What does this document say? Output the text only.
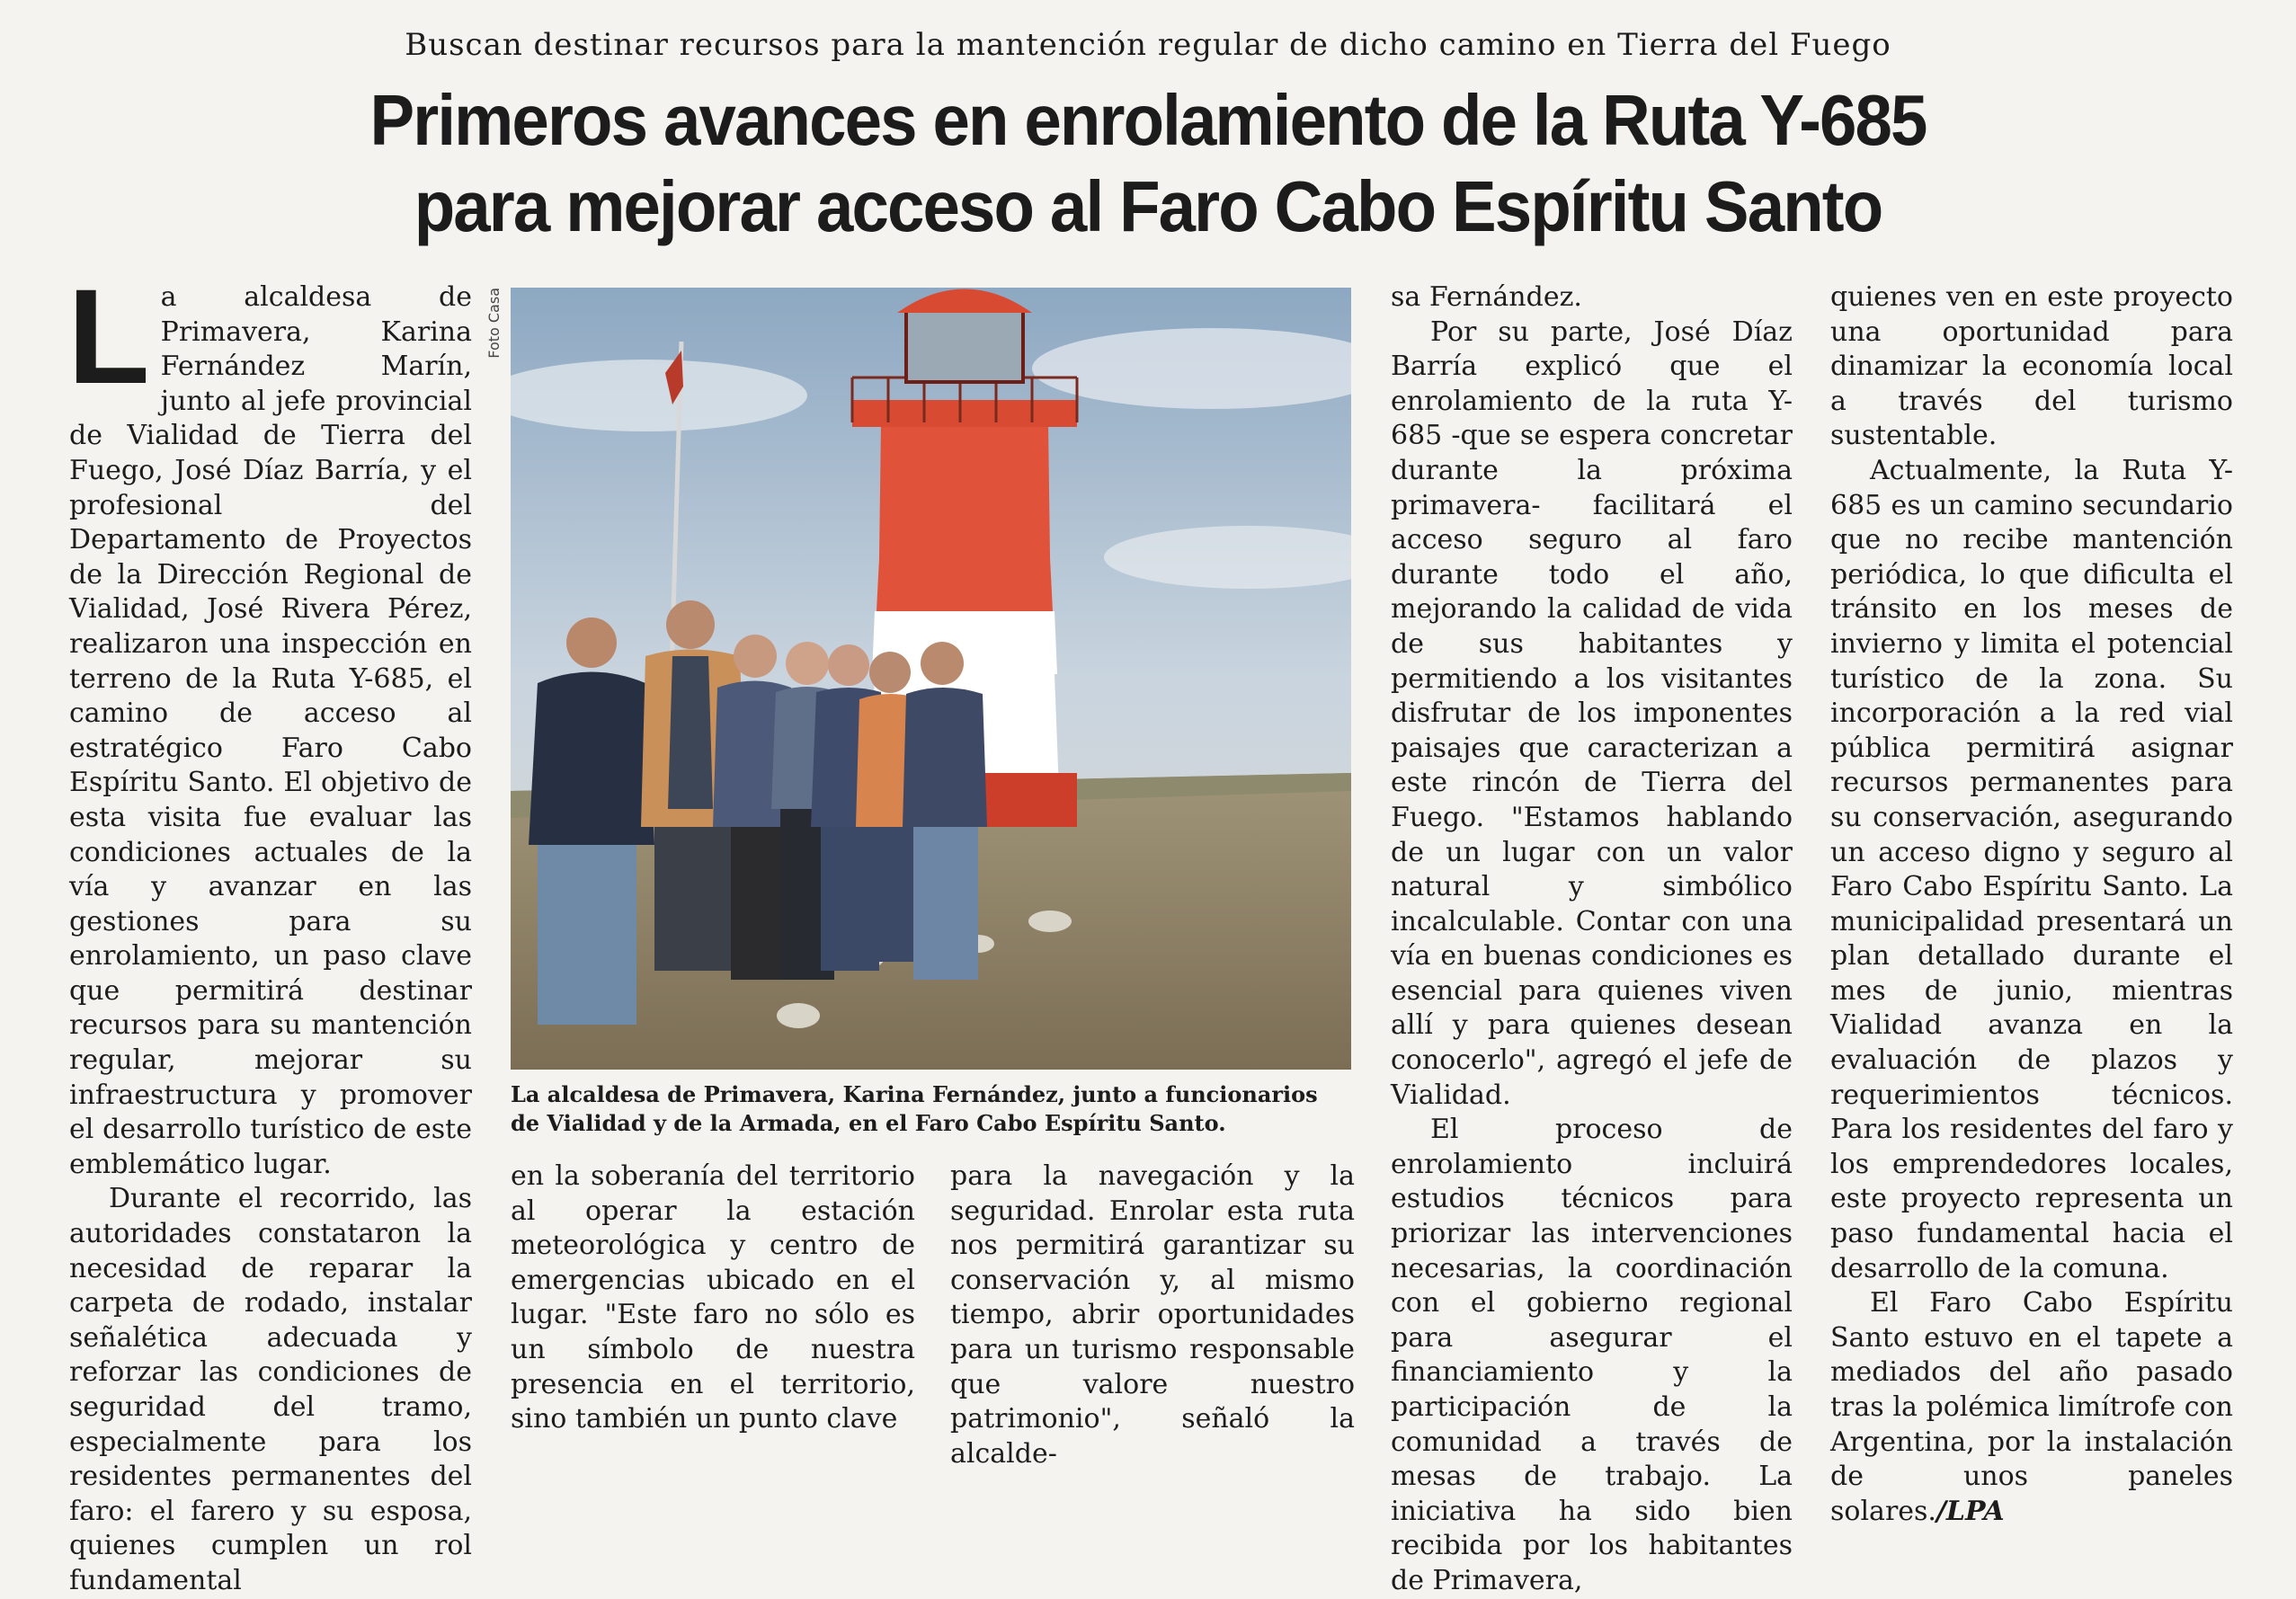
Buscan destinar recursos para la mantención regular de dicho camino en Tierra del Fuego
Primeros avances en enrolamiento de la Ruta Y-685
para mejorar acceso al Faro Cabo Espíritu Santo

La alcaldesa de Primavera, Karina Fernández Marín, junto al jefe provincial de Vialidad de Tierra del Fuego, José Díaz Barría, y el profesional del Departamento de Proyectos de la Dirección Regional de Vialidad, José Rivera Pérez, realizaron una inspección en terreno de la Ruta Y-685, el camino de acceso al estratégico Faro Cabo Espíritu Santo. El objetivo de esta visita fue evaluar las condiciones actuales de la vía y avanzar en las gestiones para su enrolamiento, un paso clave que permitirá destinar recursos para su mantención regular, mejorar su infraestructura y promover el desarrollo turístico de este emblemático lugar.

Durante el recorrido, las autoridades constataron la necesidad de reparar la carpeta de rodado, instalar señalética adecuada y reforzar las condiciones de seguridad del tramo, especialmente para los residentes permanentes del faro: el farero y su esposa, quienes cumplen un rol fundamental

Foto Casa
La alcaldesa de Primavera, Karina Fernández, junto a funcionarios de Vialidad y de la Armada, en el Faro Cabo Espíritu Santo.

en la soberanía del territorio al operar la estación meteorológica y centro de emergencias ubicado en el lugar. "Este faro no sólo es un símbolo de nuestra presencia en el territorio, sino también un punto clave

para la navegación y la seguridad. Enrolar esta ruta nos permitirá garantizar su conservación y, al mismo tiempo, abrir oportunidades para un turismo responsable que valore nuestro patrimonio", señaló la alcalde-

sa Fernández.

Por su parte, José Díaz Barría explicó que el enrolamiento de la ruta Y-685 -que se espera concretar durante la próxima primavera- facilitará el acceso seguro al faro durante todo el año, mejorando la calidad de vida de sus habitantes y permitiendo a los visitantes disfrutar de los imponentes paisajes que caracterizan a este rincón de Tierra del Fuego. "Estamos hablando de un lugar con un valor natural y simbólico incalculable. Contar con una vía en buenas condiciones es esencial para quienes viven allí y para quienes desean conocerlo", agregó el jefe de Vialidad.

El proceso de enrolamiento incluirá estudios técnicos para priorizar las intervenciones necesarias, la coordinación con el gobierno regional para asegurar el financiamiento y la participación de la comunidad a través de mesas de trabajo. La iniciativa ha sido bien recibida por los habitantes de Primavera,

quienes ven en este proyecto una oportunidad para dinamizar la economía local a través del turismo sustentable.

Actualmente, la Ruta Y-685 es un camino secundario que no recibe mantención periódica, lo que dificulta el tránsito en los meses de invierno y limita el potencial turístico de la zona. Su incorporación a la red vial pública permitirá asignar recursos permanentes para su conservación, asegurando un acceso digno y seguro al Faro Cabo Espíritu Santo. La municipalidad presentará un plan detallado durante el mes de junio, mientras Vialidad avanza en la evaluación de plazos y requerimientos técnicos. Para los residentes del faro y los emprendedores locales, este proyecto representa un paso fundamental hacia el desarrollo de la comuna.

El Faro Cabo Espíritu Santo estuvo en el tapete a mediados del año pasado tras la polémica limítrofe con Argentina, por la instalación de unos paneles solares./LPA
